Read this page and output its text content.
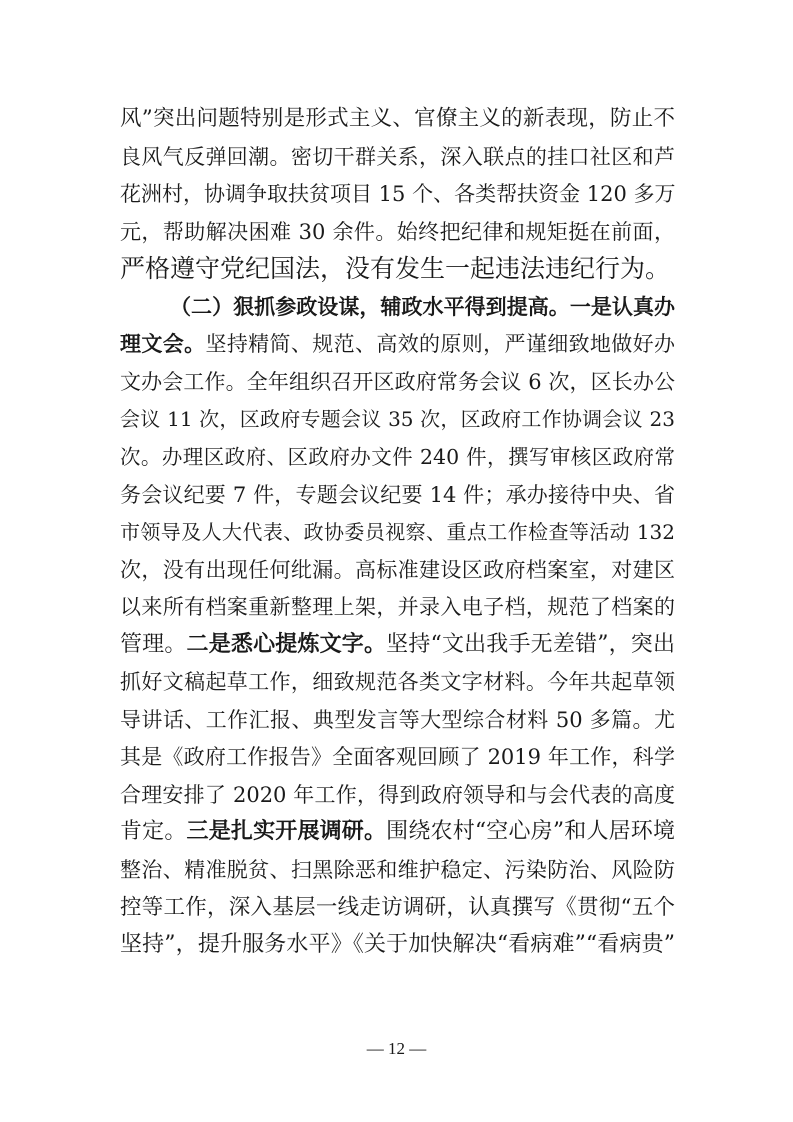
风”突出问题特别是形式主义、官僚主义的新表现，防止不
良风气反弹回潮。密切干群关系，深入联点的挂口社区和芦
花洲村，协调争取扶贫项目 15 个、各类帮扶资金 120 多万
元，帮助解决困难 30 余件。始终把纪律和规矩挺在前面，
严格遵守党纪国法，没有发生一起违法违纪行为。
（二）狠抓参政设谋，辅政水平得到提高。一是认真办
理文会。坚持精简、规范、高效的原则，严谨细致地做好办
文办会工作。全年组织召开区政府常务会议 6 次，区长办公
会议 11 次，区政府专题会议 35 次，区政府工作协调会议 23
次。办理区政府、区政府办文件 240 件，撰写审核区政府常
务会议纪要 7 件，专题会议纪要 14 件；承办接待中央、省
市领导及人大代表、政协委员视察、重点工作检查等活动 132
次，没有出现任何纰漏。高标准建设区政府档案室，对建区
以来所有档案重新整理上架，并录入电子档，规范了档案的
管理。二是悉心提炼文字。坚持“文出我手无差错”，突出
抓好文稿起草工作，细致规范各类文字材料。今年共起草领
导讲话、工作汇报、典型发言等大型综合材料 50 多篇。尤
其是《政府工作报告》全面客观回顾了 2019 年工作，科学
合理安排了 2020 年工作，得到政府领导和与会代表的高度
肯定。三是扎实开展调研。围绕农村“空心房”和人居环境
整治、精准脱贫、扫黑除恶和维护稳定、污染防治、风险防
控等工作，深入基层一线走访调研，认真撰写《贯彻“五个
坚持”，提升服务水平》《关于加快解决“看病难”“看病贵”
— 12 —
